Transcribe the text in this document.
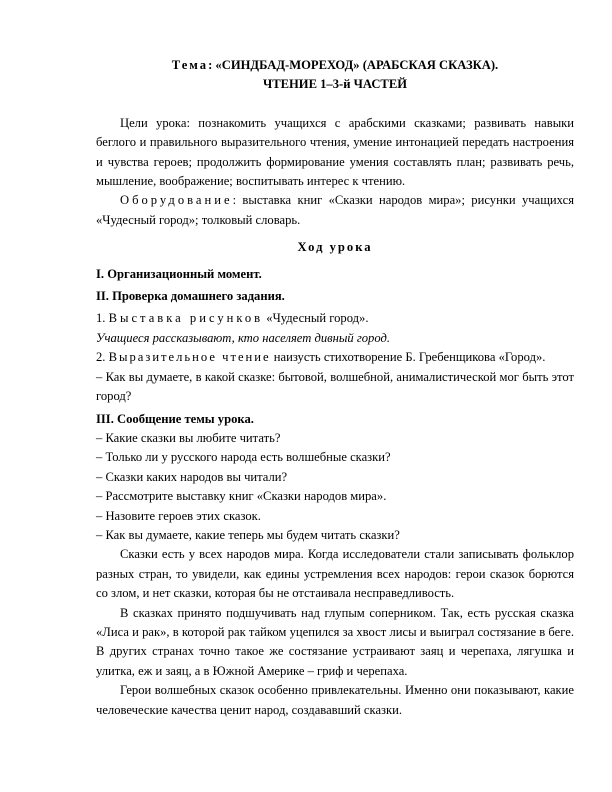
Тема: «СИНДБАД-МОРЕХОД» (АРАБСКАЯ СКАЗКА).

ЧТЕНИЕ 1–3-й ЧАСТЕЙ

Цели урока: познакомить учащихся с арабскими сказками; развивать навыки беглого и правильного выразительного чтения, умение интонацией передать настроения и чувства героев; продолжить формирование умения составлять план; развивать речь, мышление, воображение; воспитывать интерес к чтению.

Оборудование: выставка книг «Сказки народов мира»; рисунки учащихся «Чудесный город»; толковый словарь.

Ход урока

I. Организационный момент.

II. Проверка домашнего задания.

1. Выставка рисунков «Чудесный город».

Учащиеся рассказывают, кто населяет дивный город.

2. Выразительное чтение наизусть стихотворение Б. Гребенщикова «Город».

– Как вы думаете, в какой сказке: бытовой, волшебной, анималистической мог быть этот город?

III. Сообщение темы урока.

– Какие сказки вы любите читать?
– Только ли у русского народа есть волшебные сказки?
– Сказки каких народов вы читали?
– Рассмотрите выставку книг «Сказки народов мира».
– Назовите героев этих сказок.
– Как вы думаете, какие теперь мы будем читать сказки?

Сказки есть у всех народов мира. Когда исследователи стали записывать фольклор разных стран, то увидели, как едины устремления всех народов: герои сказок борются со злом, и нет сказки, которая бы не отстаивала несправедливость.

В сказках принято подшучивать над глупым соперником. Так, есть русская сказка «Лиса и рак», в которой рак тайком уцепился за хвост лисы и выиграл состязание в беге. В других странах точно такое же состязание устраивают заяц и черепаха, лягушка и улитка, еж и заяц, а в Южной Америке – гриф и черепаха.

Герои волшебных сказок особенно привлекательны. Именно они показывают, какие человеческие качества ценит народ, создававший сказки.
